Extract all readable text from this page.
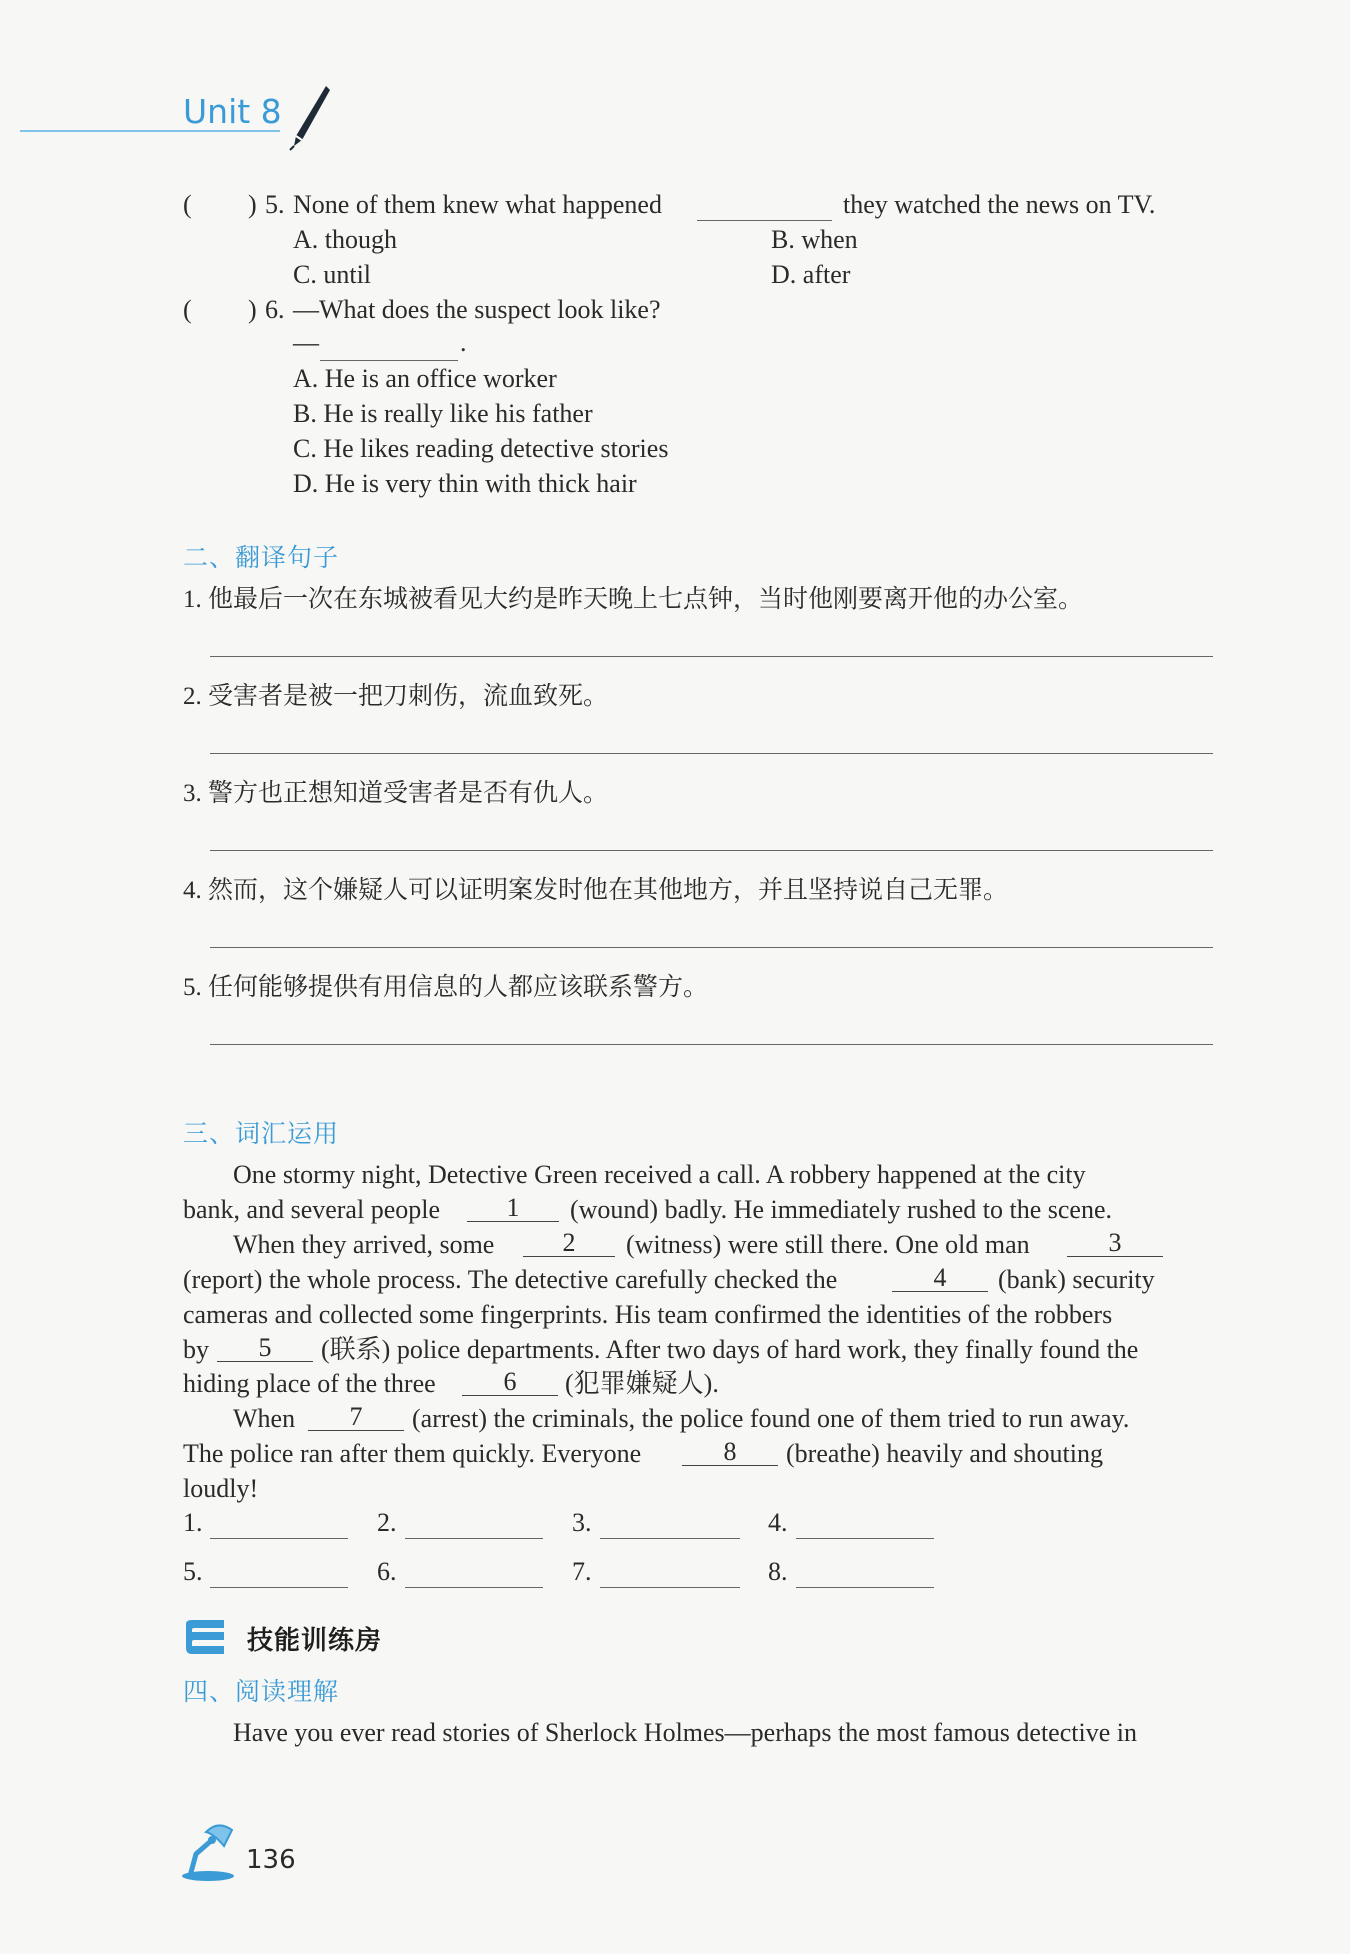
Unit 8
( ) 5. None of them knew what happened	they watched the news on TV.
A. though	B. when
C. until	D. after
( ) 6. —What does the suspect look like?
—	.
A. He is an office worker
B. He is really like his father
C. He likes reading detective stories
D. He is very thin with thick hair
二、翻译句子
1. 他最后一次在东城被看见大约是昨天晚上七点钟，当时他刚要离开他的办公室。
2. 受害者是被一把刀刺伤，流血致死。
3. 警方也正想知道受害者是否有仇人。
4. 然而，这个嫌疑人可以证明案发时他在其他地方，并且坚持说自己无罪。
5. 任何能够提供有用信息的人都应该联系警方。
三、词汇运用
One stormy night, Detective Green received a call. A robbery happened at the city
bank, and several people	1	(wound) badly. He immediately rushed to the scene.
When they arrived, some	2	(witness) were still there. One old man	3
(report) the whole process. The detective carefully checked the	4	(bank) security
cameras and collected some fingerprints. His team confirmed the identities of the robbers
by	5	(联系) police departments. After two days of hard work, they finally found the
hiding place of the three	6	(犯罪嫌疑人).
When	7	(arrest) the criminals, the police found one of them tried to run away.
The police ran after them quickly. Everyone	8	(breathe) heavily and shouting
loudly!
1.	2.	3.	4.
5.	6.	7.	8.
技能训练房
四、阅读理解
Have you ever read stories of Sherlock Holmes—perhaps the most famous detective in
136
